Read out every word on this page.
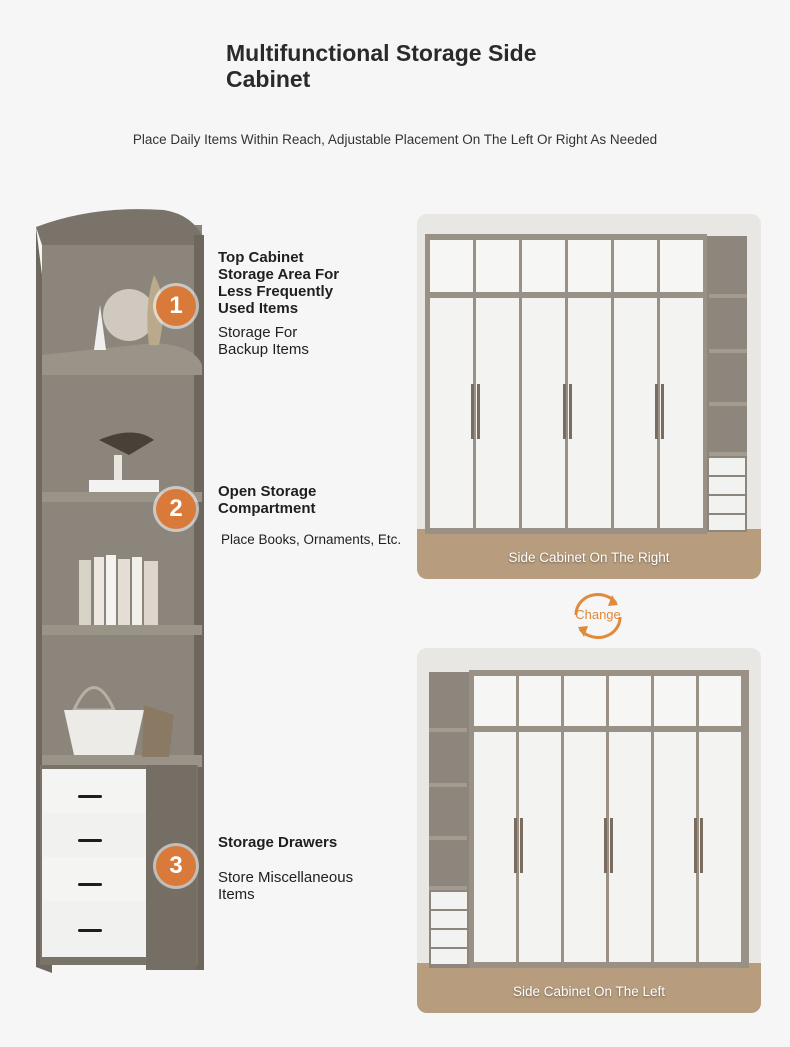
Multifunctional Storage Side Cabinet
Place Daily Items Within Reach, Adjustable Placement On The Left Or Right As Needed
1
Top Cabinet Storage Area For Less Frequently Used Items
Storage For Backup Items
2
Open Storage Compartment
Place Books, Ornaments, Etc.
3
Storage Drawers
Store Miscellaneous Items
Side Cabinet On The Right
Change
Side Cabinet On The Left
